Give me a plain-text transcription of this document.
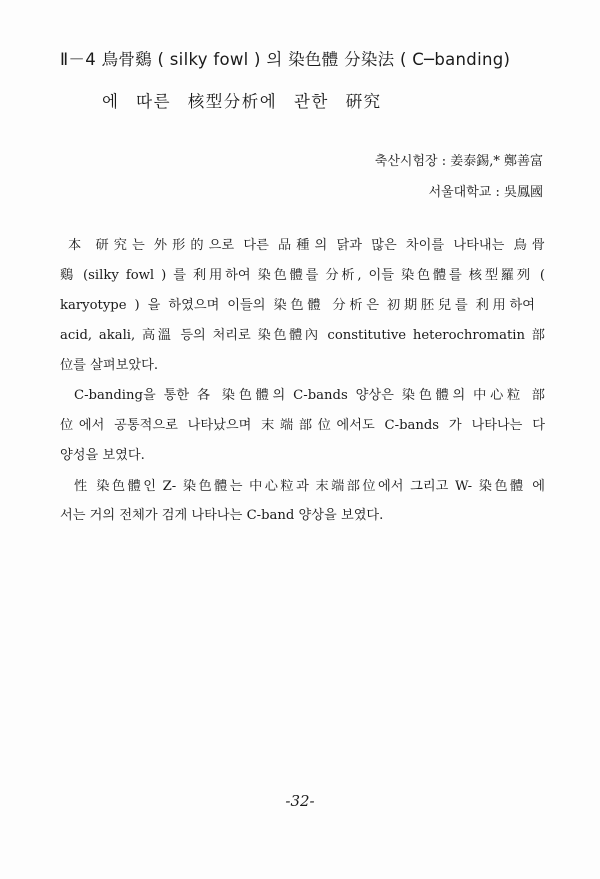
Ⅱ－4 鳥骨鷄 ( silky fowl ) 의 染色體 分染法 ( C─banding)
에 따른 核型分析에 관한 硏究
축산시험장 : 姜泰錫,* 鄭善富
서울대학교 : 吳鳳國
本 研究는 外形的으로 다른 品種의 닭과 많은 차이를 나타내는 鳥骨
鷄 (silky fowl ) 를 利用하여 染色體를 分析, 이들 染色體를 核型羅列 (
karyotype ) 을 하였으며 이들의 染色體 分析은 初期胚兒를 利用하여
acid, akali, 高溫 등의 처리로 染色體內 constitutive heterochromatin 部
位를 살펴보았다.
C-banding을 통한 各 染色體의 C-bands 양상은 染色體의 中心粒 部
位에서 공통적으로 나타났으며 末端部位에서도 C-bands 가 나타나는 다
양성을 보였다.
性 染色體인 Z- 染色體는 中心粒과 末端部位에서 그리고 W- 染色體 에
서는 거의 전체가 검게 나타나는 C-band 양상을 보였다.
-32-
